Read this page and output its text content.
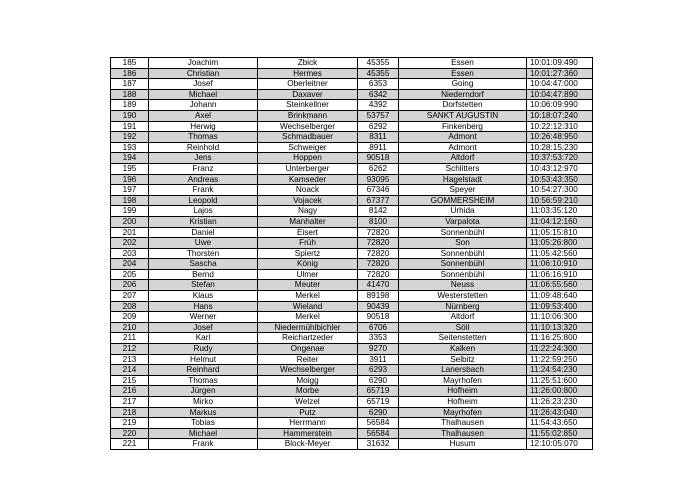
185	Joachim	Zbick	45355	Essen	10:01:09:490
186	Christian	Hermes	45355	Essen	10:01:27:360
187	Josef	Oberleitner	6353	Going	10:04:47:000
188	Michael	Daxaver	6342	Niederndorf	10:04:47:890
189	Johann	Steinkellner	4392	Dorfstetten	10:06:09:990
190	Axel	Brinkmann	53757	SANKT AUGUSTIN	10:18:07:240
191	Herwig	Wechselberger	6292	Finkenberg	10:22:12:310
192	Thomas	Schmadbauer	8311	Admont	10:26:48:950
193	Reinhold	Schweiger	8911	Admont	10:28:15:230
194	Jens	Hoppen	90518	Altdorf	10:37:53:720
195	Franz	Unterberger	6262	Schlitters	10:43:12:970
196	Andreas	Kamseder	93095	Hagelstadt	10:53:43:350
197	Frank	Noack	67346	Speyer	10:54:27:300
198	Leopold	Vojacek	67377	GOMMERSHEIM	10:56:59:210
199	Lajos	Nagy	8142	Úrhida	11:03:35:120
200	Kristian	Manhalter	8100	Varpalota	11:04:12:160
201	Daniel	Eisert	72820	Sonnenbühl	11:05:15:810
202	Uwe	Früh	72820	Son	11:05:26:800
203	Thorsten	Spiertz	72820	Sonnenbühl	11:05:42:560
204	Sascha	König	72820	Sonnenbühl	11:06:10:910
205	Bernd	Ulmer	72820	Sonnenbühl	11:06:16:910
206	Stefan	Meuter	41470	Neuss	11:06:55:560
207	Klaus	Merkel	89198	Westerstetten	11:09:48:640
208	Hans	Wieland	90439	Nürnberg	11:09:53:400
209	Werner	Merkel	90518	Altdorf	11:10:06:300
210	Josef	Niedermühlbichler	6706	Söll	11:10:13:320
211	Karl	Reichartzeder	3353	Seitenstetten	11:16:25:800
212	Rudy	Ongenae	9270	Kalken	11:22:24:300
213	Helmut	Reiter	3911	Selbitz	11:22:59:250
214	Reinhard	Wechselberger	6293	Lanersbach	11:24:54:230
215	Thomas	Moigg	6290	Mayrhofen	11:25:51:600
216	Jürgen	Morbe	65719	Hofheim	11:26:00:800
217	Mirko	Welzel	65719	Hofheim	11:26:23:230
218	Markus	Putz	6290	Mayrhofen	11:26:43:040
219	Tobias	Herrmann	56584	Thalhausen	11:54:43:650
220	Michael	Hammerstein	56584	Thalhausen	11:55:02:850
221	Frank	Block-Meyer	31632	Husum	12:10:05:070
